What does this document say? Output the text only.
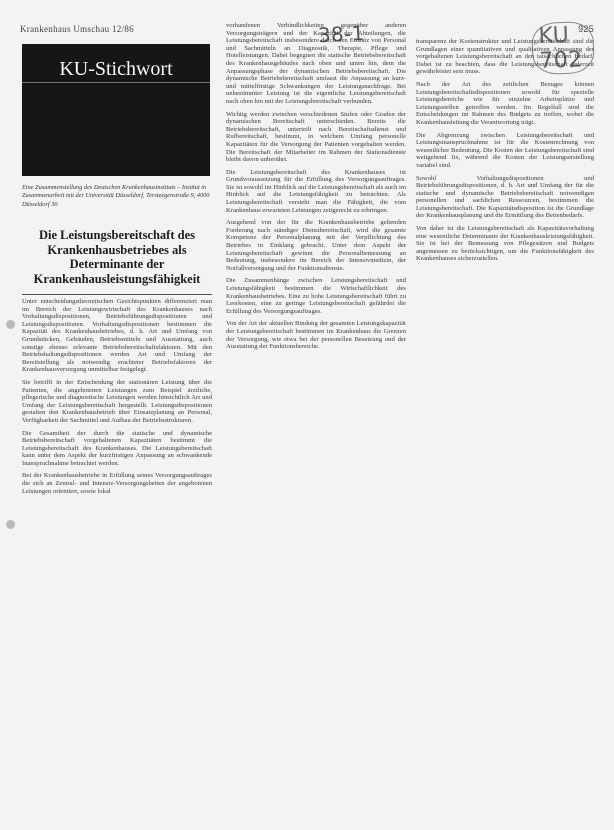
Krankenhaus Umschau 12/86	38-1	KU 702
925
KU-Stichwort
Eine Zusammenstellung des Deutschen Krankenhausinstituts – Institut in Zusammenarbeit mit der Universität Düsseldorf, Tersteegenstraße 9, 4000 Düsseldorf 30
Die Leistungsbereitschaft des Krankenhausbetriebes als Determinante der Krankenhausleistungsfähigkeit

Unter entscheidungstheoretischen Gesichtspunkten differenziert man im Bereich der Leistungswirtschaft des Krankenhauses nach Vorhaltungsdispositionen, Betriebsführungsdispositionen und Leistungsdispositionen. Vorhaltungsdispositionen bestimmen die Kapazität des Krankenhausbetriebes, d. h. Art und Umfang von Grundstücken, Gebäuden, Betriebsmitteln und Ausstattung, auch sonstige ebenso relevante Betriebsbereitschaftsfaktoren. Mit den Betriebshaltungsdispositionen werden Art und Umfang der Bereitstellung als notwendig erachteter Betriebsfaktoren der Krankenhausversorgung unmittelbar festgelegt.

Sie betrifft in der Entscheidung der stationären Leistung über die Patienten, die angebotenen Leistungen zum Beispiel ärztliche, pflegerische und diagnostische Leistungen werden hinsichtlich Art und Umfang der Leistungsbereitschaft hergestellt. Leistungsdispositionen gestalten den Krankenhausbetrieb über Einsatzplanung an Personal, Verfügbarkeit der Sachmittel und Aufbau der Betriebsstrukturen.

Die Gesamtheit der durch die statische und dynamische Betriebsbereitschaft vorgehaltenen Kapazitäten bestimmt die Leistungsbereitschaft des Krankenhauses. Die Leistungsbereitschaft kann unter dem Aspekt der kurzfristigen Anpassung an schwankende Inanspruchnahme betrachtet werden.

Bei der Krankenhausbetriebe in Erfüllung seines Versorgungsauftrages die sich an Zentral- und Intensiv-Versorgungsbetten der angebotenen Leistungen orientiert, sowie lokal

vorhandenen Verbindlichkeiten gegenüber anderen Versorgungsträgern und der Kapazität der Abteilungen, die Leistungsbereitschaft insbesondere durch den Einsatz von Personal und Sachmitteln an Diagnostik, Therapie, Pflege und Hotelleistungen. Dabei begegnen die statische Betriebsbereitschaft des Krankenhausgebäudes nach oben und unten hin, dem die Anpassungsphase der dynamischen Betriebsbereitschaft. Die dynamische Betriebsbereitschaft umfasst die Anpassung an kurz- und mittelfristige Schwankungen der Leistungsnachfrage. Bei unbestimmter Leistung ist die eigentliche Leistungsbereitschaft nach oben hin mit der Leistungsbereitschaft verbunden.

Wichtig werden zwischen verschiedenen Stufen oder Graden der dynamischen Bereitschaft unterschieden. Bereits die Betriebsbereitschaft, unterteilt nach Bereitschaftsdienst und Rufbereitschaft, bestimmt, in welchem Umfang personelle Kapazitäten für die Versorgung der Patienten vorgehalten werden. Die Bereitschaft der Mitarbeiter im Rahmen der Stationsdienste bleibt davon unberührt.

Die Leistungsbereitschaft des Krankenhauses ist Grundvoraussetzung für die Erfüllung des Versorgungsauftrages. Sie ist sowohl im Hinblick auf die Leistungsbereitschaft als auch im Hinblick auf die Leistungsfähigkeit zu betrachten. Als Leistungsbereitschaft versteht man die Fähigkeit, die vom Krankenhaus erwarteten Leistungen zeitgerecht zu erbringen.

Ausgehend von der für die Krankenhausbetriebe geltenden Forderung nach ständiger Dienstbereitschaft, wird die gesamte Kompetenz der Personalplanung mit der Verpflichtung des Betriebes in Einklang gebracht. Unter dem Aspekt der Leistungsbereitschaft gewinnt die Personalbemessung an Bedeutung, insbesondere im Bereich der Intensivmedizin, der Notfallversorgung und der Funktionsdienste.

Die Zusammenhänge zwischen Leistungsbereitschaft und Leistungsfähigkeit bestimmen die Wirtschaftlichkeit des Krankenhausbetriebes. Eine zu hohe Leistungsbereitschaft führt zu Leerkosten, eine zu geringe Leistungsbereitschaft gefährdet die Erfüllung des Versorgungsauftrages.

Von der Art der aktuellen Bindung der gesamten Leistungskapazität der Leistungsbereitschaft bestimmen im Krankenhaus die Grenzen der Versorgung, wie etwa bei der personellen Besetzung und der Ausstattung der Funktionsbereiche.

transparenz der Kostenstruktur und Leistungsbereitschaft sind die Grundlagen einer quantitativen und qualitativen Anpassung der vorgehaltenen Leistungsbereitschaft an den tatsächlichen Bedarf. Dabei ist zu beachten, dass die Leistungsbereitschaft jederzeit gewährleistet sein muss.

Nach der Art des zeitlichen Bezuges können Leistungsbereitschaftsdispositionen sowohl für spezielle Leistungsbereiche wie für einzelne Arbeitsplätze und Leistungsstellen getroffen werden. Im Regelfall sind die Entscheidungen im Rahmen des Budgets zu treffen, wobei die Krankenhausleitung die Verantwortung trägt.

Die Abgrenzung zwischen Leistungsbereitschaft und Leistungsinanspruchnahme ist für die Kostenrechnung von wesentlicher Bedeutung. Die Kosten der Leistungsbereitschaft sind weitgehend fix, während die Kosten der Leistungserstellung variabel sind.

Sowohl Vorhaltungsdispositionen und Betriebsführungsdispositionen, d. h. Art und Umfang der für die statische und dynamische Betriebsbereitschaft notwendigen personellen und sachlichen Ressourcen, bestimmen die Leistungsbereitschaft. Die Kapazitätsdisposition ist die Grundlage der Krankenhausplanung und die Ermittlung des Bettenbedarfs.

Von daher ist die Leistungsbereitschaft als Kapazitätsvorhaltung eine wesentliche Determinante der Krankenhausleistungsfähigkeit. Sie ist bei der Bemessung von Pflegesätzen und Budgets angemessen zu berücksichtigen, um die Funktionsfähigkeit des Krankenhauses sicherzustellen.
